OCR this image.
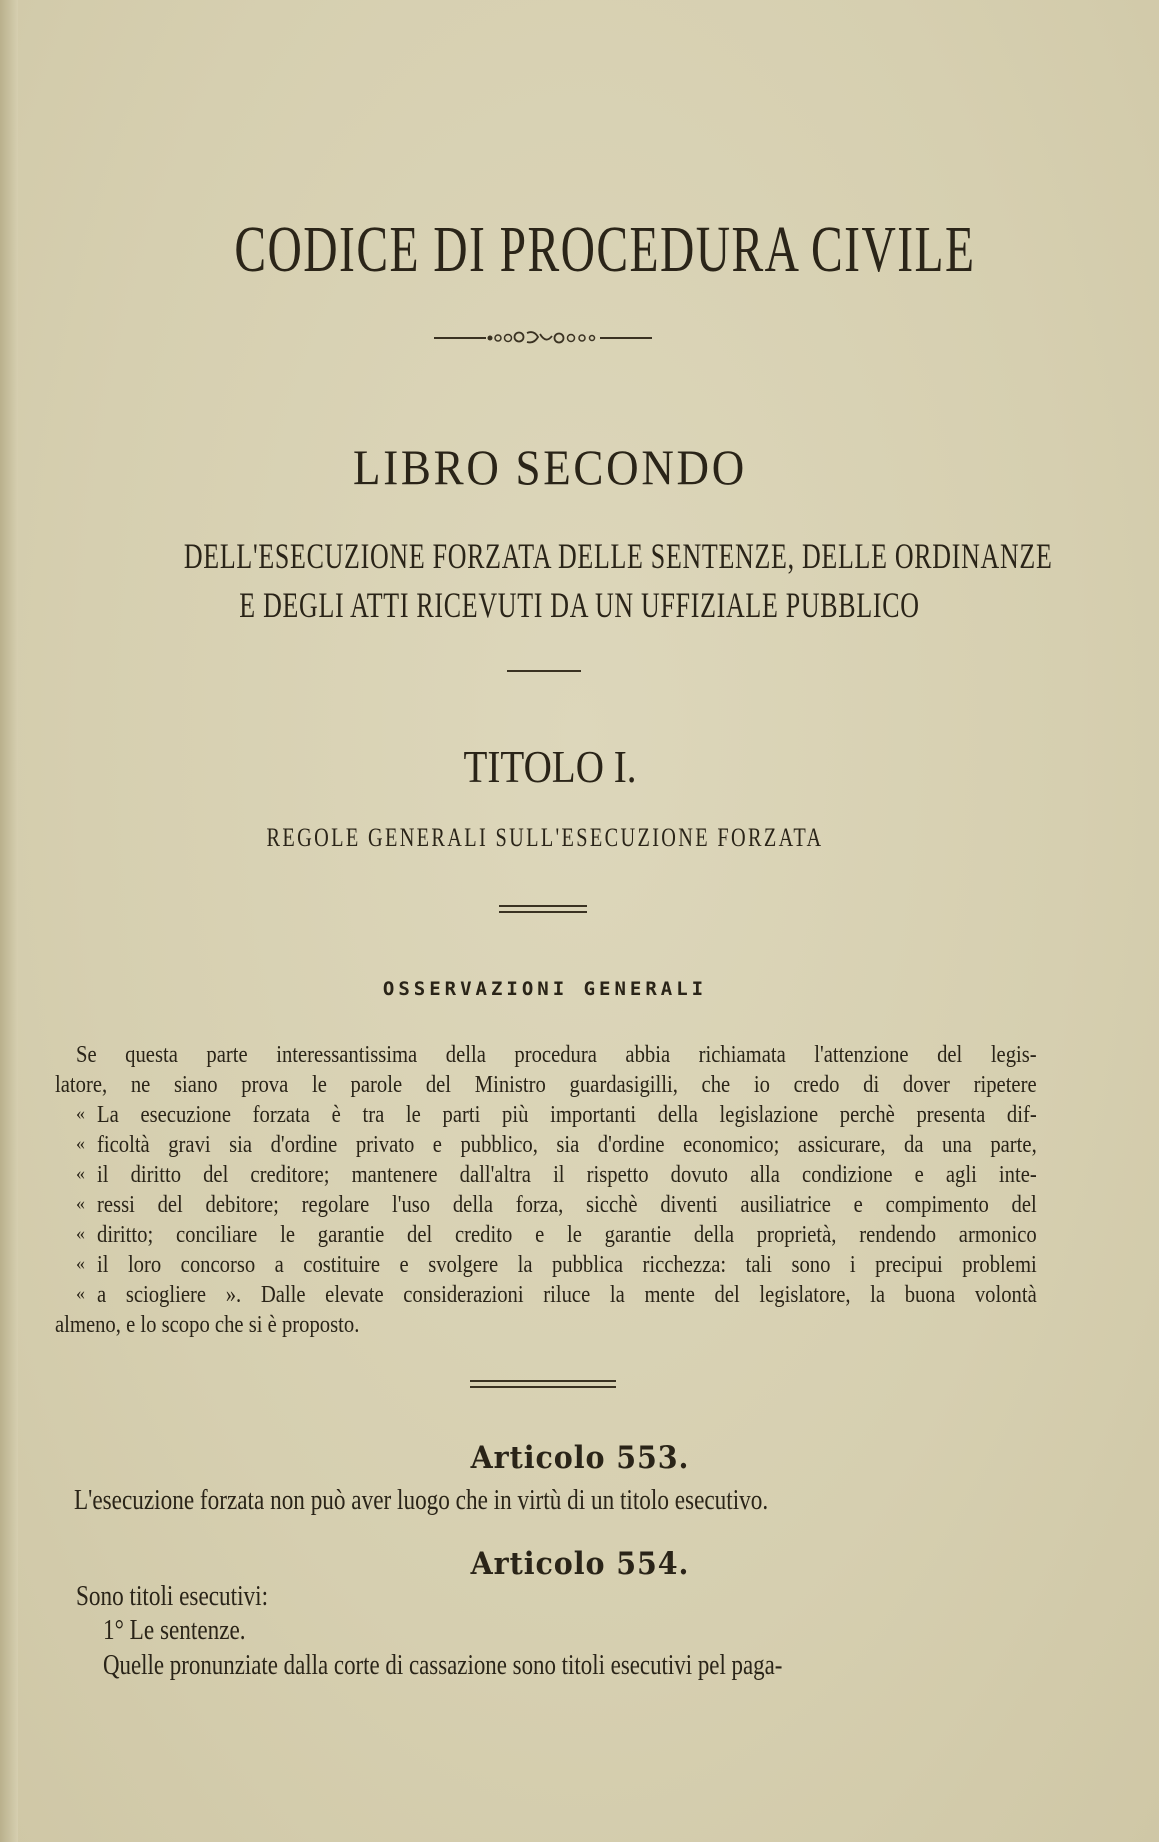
CODICE DI PROCEDURA CIVILE
LIBRO SECONDO
DELL'ESECUZIONE FORZATA DELLE SENTENZE, DELLE ORDINANZE
E DEGLI ATTI RICEVUTI DA UN UFFIZIALE PUBBLICO
TITOLO I.
REGOLE GENERALI SULL'ESECUZIONE FORZATA
OSSERVAZIONI GENERALI
Se questa parte interessantissima della procedura abbia richiamata l'attenzione del legis-
latore, ne siano prova le parole del Ministro guardasigilli, che io credo di dover ripetere
La esecuzione forzata è tra le parti più importanti della legislazione perchè presenta dif-
ficoltà gravi sia d'ordine privato e pubblico, sia d'ordine economico; assicurare, da una parte,
il diritto del creditore; mantenere dall'altra il rispetto dovuto alla condizione e agli inte-
ressi del debitore; regolare l'uso della forza, sicchè diventi ausiliatrice e compimento del
diritto; conciliare le garantie del credito e le garantie della proprietà, rendendo armonico
il loro concorso a costituire e svolgere la pubblica ricchezza: tali sono i precipui problemi
a sciogliere ». Dalle elevate considerazioni riluce la mente del legislatore, la buona volontà
almeno, e lo scopo che si è proposto.
«
«
«
«
«
«
«
Articolo 553.
L'esecuzione forzata non può aver luogo che in virtù di un titolo esecutivo.
Articolo 554.
Sono titoli esecutivi:
1° Le sentenze.
Quelle pronunziate dalla corte di cassazione sono titoli esecutivi pel paga-
